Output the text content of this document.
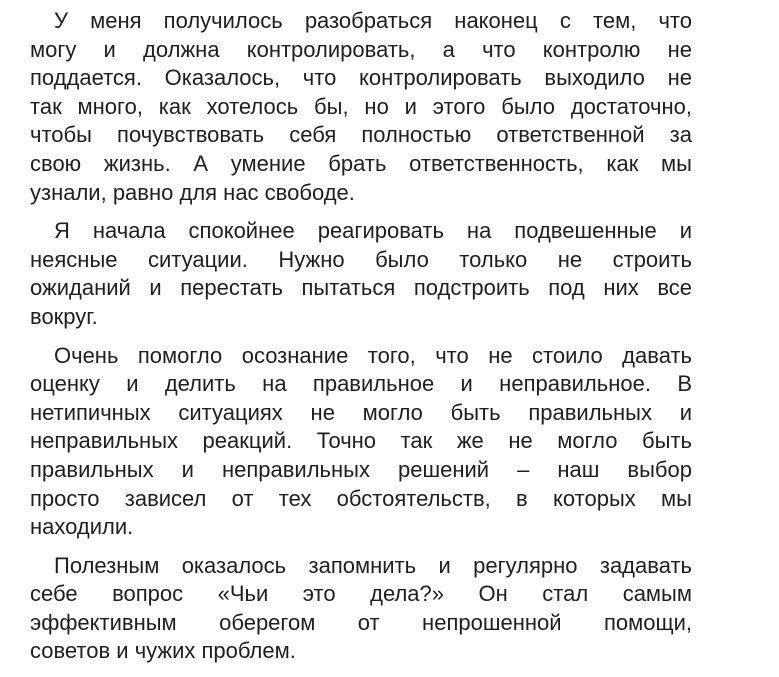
У меня получилось разобраться наконец с тем, что
могу и должна контролировать, а что контролю не
поддается. Оказалось, что контролировать выходило не
так много, как хотелось бы, но и этого было достаточно,
чтобы почувствовать себя полностью ответственной за
свою жизнь. А умение брать ответственность, как мы
узнали, равно для нас свободе.

Я начала спокойнее реагировать на подвешенные и
неясные ситуации. Нужно было только не строить
ожиданий и перестать пытаться подстроить под них все
вокруг.

Очень помогло осознание того, что не стоило давать
оценку и делить на правильное и неправильное. В
нетипичных ситуациях не могло быть правильных и
неправильных реакций. Точно так же не могло быть
правильных и неправильных решений – наш выбор
просто зависел от тех обстоятельств, в которых мы
находили.

Полезным оказалось запомнить и регулярно задавать
себе вопрос «Чьи это дела?» Он стал самым
эффективным оберегом от непрошенной помощи,
советов и чужих проблем.
